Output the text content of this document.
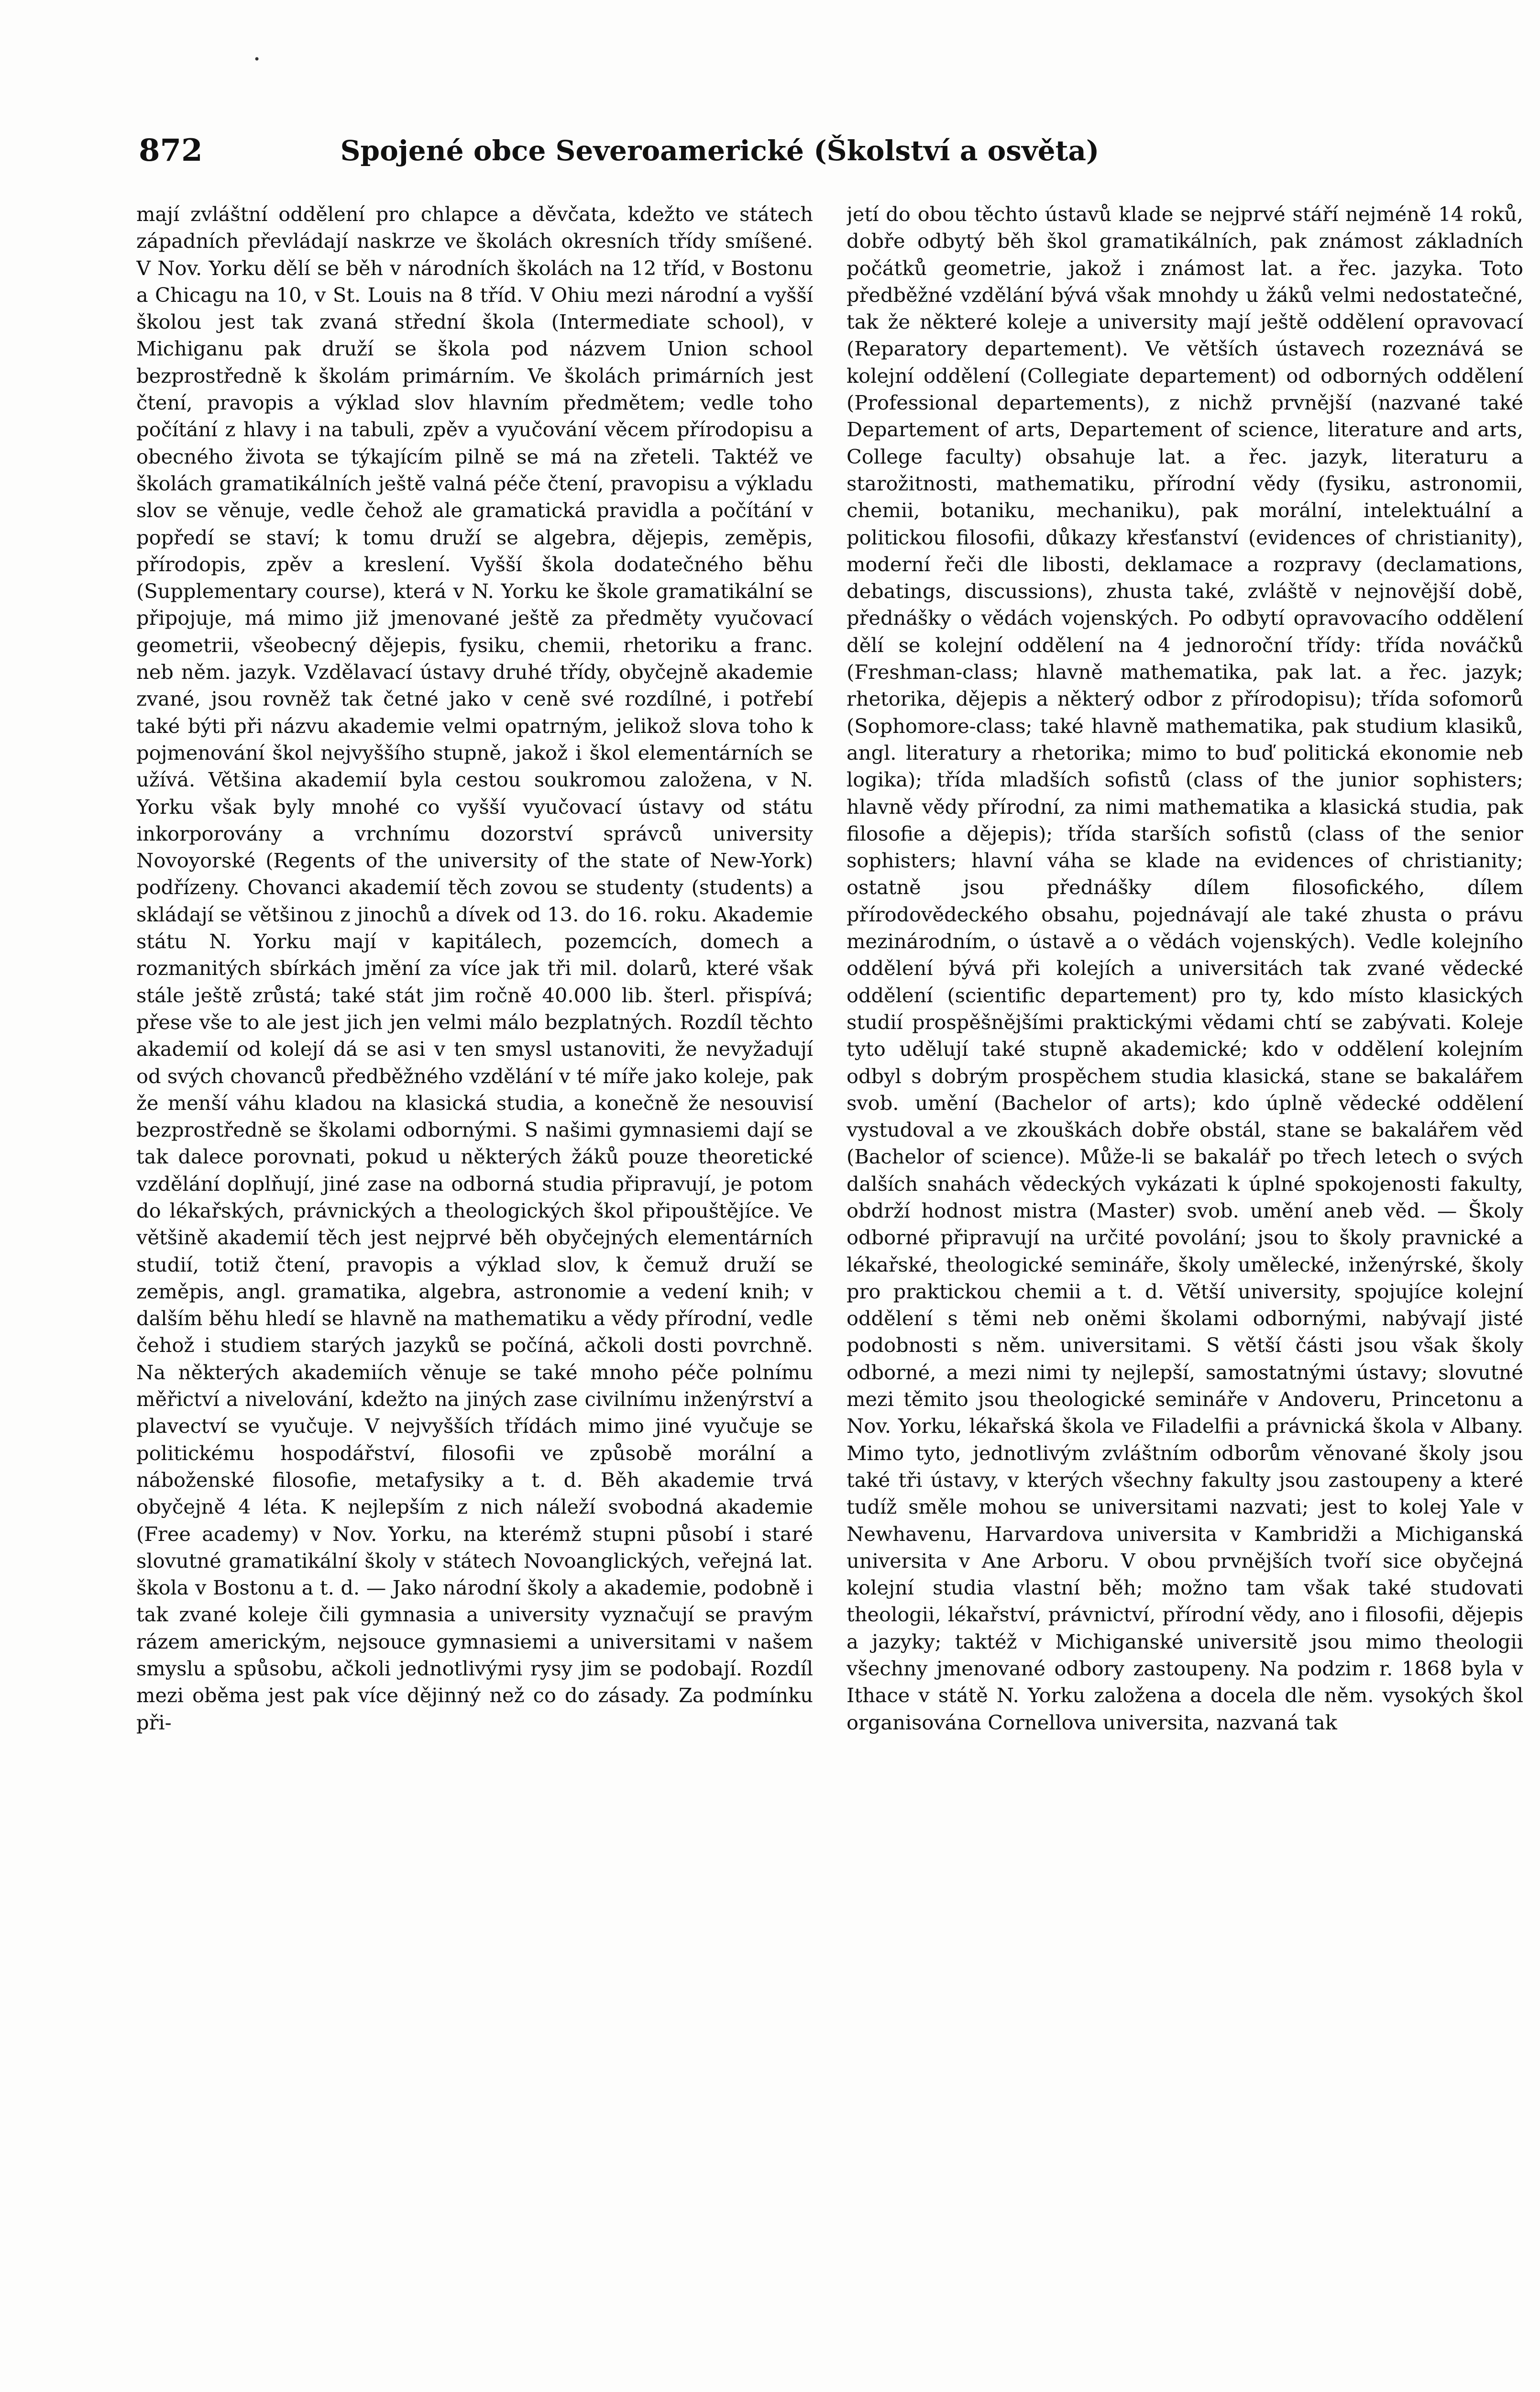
•
872	Spojené obce Severoamerické (Školství a osvěta)

mají zvláštní oddělení pro chlapce a děvčata, kdežto ve státech západních převládají naskrze ve školách okresních třídy smíšené. V Nov. Yorku dělí se běh v národních školách na 12 tříd, v Bostonu a Chicagu na 10, v St. Louis na 8 tříd. V Ohiu mezi národní a vyšší školou jest tak zvaná střední škola (Intermediate school), v Michiganu pak druží se škola pod názvem Union school bezprostředně k školám primárním. Ve školách primárních jest čtení, pravopis a výklad slov hlavním předmětem; vedle toho počítání z hlavy i na tabuli, zpěv a vyučování věcem přírodopisu a obecného života se týkajícím pilně se má na zřeteli. Taktéž ve školách gramatikálních ještě valná péče čtení, pravopisu a výkladu slov se věnuje, vedle čehož ale gramatická pravidla a počítání v popředí se staví; k tomu druží se algebra, dějepis, zeměpis, přírodopis, zpěv a kreslení. Vyšší škola dodatečného běhu (Supplementary course), která v N. Yorku ke škole gramatikální se připojuje, má mimo již jmenované ještě za předměty vyučovací geometrii, všeobecný dějepis, fysiku, chemii, rhetoriku a franc. neb něm. jazyk. Vzdělavací ústavy druhé třídy, obyčejně akademie zvané, jsou rovněž tak četné jako v ceně své rozdílné, i potřebí také býti při názvu akademie velmi opatrným, jelikož slova toho k pojmenování škol nejvyššího stupně, jakož i škol elementárních se užívá. Většina akademií byla cestou soukromou založena, v N. Yorku však byly mnohé co vyšší vyučovací ústavy od státu inkorporovány a vrchnímu dozorství správců university Novoyorské (Regents of the university of the state of New-York) podřízeny. Chovanci akademií těch zovou se studenty (students) a skládají se většinou z jinochů a dívek od 13. do 16. roku. Akademie státu N. Yorku mají v kapitálech, pozemcích, domech a rozmanitých sbírkách jmění za více jak tři mil. dolarů, které však stále ještě zrůstá; také stát jim ročně 40.000 lib. šterl. přispívá; přese vše to ale jest jich jen velmi málo bezplatných. Rozdíl těchto akademií od kolejí dá se asi v ten smysl ustanoviti, že nevyžadují od svých chovanců předběžného vzdělání v té míře jako koleje, pak že menší váhu kladou na klasická studia, a konečně že nesouvisí bezprostředně se školami odbornými. S našimi gymnasiemi dají se tak dalece porovnati, pokud u některých žáků pouze theoretické vzdělání doplňují, jiné zase na odborná studia připravují, je potom do lékařských, právnických a theologických škol připouštějíce. Ve většině akademií těch jest nejprvé běh obyčejných elementárních studií, totiž čtení, pravopis a výklad slov, k čemuž druží se zeměpis, angl. gramatika, algebra, astronomie a vedení knih; v dalším běhu hledí se hlavně na mathematiku a vědy přírodní, vedle čehož i studiem starých jazyků se počíná, ačkoli dosti povrchně. Na některých akademiích věnuje se také mnoho péče polnímu měřictví a nivelování, kdežto na jiných zase civilnímu inženýrství a plavectví se vyučuje. V nejvyšších třídách mimo jiné vyučuje se politickému hospodářství, filosofii ve způsobě morální a náboženské filosofie, metafysiky a t. d. Běh akademie trvá obyčejně 4 léta. K nejlepším z nich náleží svobodná akademie (Free academy) v Nov. Yorku, na kterémž stupni působí i staré slovutné gramatikální školy v státech Novoanglických, veřejná lat. škola v Bostonu a t. d. — Jako národní školy a akademie, podobně i tak zvané koleje čili gymnasia a university vyznačují se pravým rázem americkým, nejsouce gymnasiemi a universitami v našem smyslu a spůsobu, ačkoli jednotlivými rysy jim se podobají. Rozdíl mezi oběma jest pak více dějinný než co do zásady. Za podmínku při-

jetí do obou těchto ústavů klade se nejprvé stáří nejméně 14 roků, dobře odbytý běh škol gramatikálních, pak známost základních počátků geometrie, jakož i známost lat. a řec. jazyka. Toto předběžné vzdělání bývá však mnohdy u žáků velmi nedostatečné, tak že některé koleje a university mají ještě oddělení opravovací (Reparatory departement). Ve větších ústavech rozeznává se kolejní oddělení (Collegiate departement) od odborných oddělení (Professional departements), z nichž prvnější (nazvané také Departement of arts, Departement of science, literature and arts, College faculty) obsahuje lat. a řec. jazyk, literaturu a starožitnosti, mathematiku, přírodní vědy (fysiku, astronomii, chemii, botaniku, mechaniku), pak morální, intelektuální a politickou filosofii, důkazy křesťanství (evidences of christianity), moderní řeči dle libosti, deklamace a rozpravy (declamations, debatings, discussions), zhusta také, zvláště v nejnovější době, přednášky o vědách vojenských. Po odbytí opravovacího oddělení dělí se kolejní oddělení na 4 jednoroční třídy: třída nováčků (Freshman-class; hlavně mathematika, pak lat. a řec. jazyk; rhetorika, dějepis a některý odbor z přírodopisu); třída sofomorů (Sophomore-class; také hlavně mathematika, pak studium klasiků, angl. literatury a rhetorika; mimo to buď politická ekonomie neb logika); třída mladších sofistů (class of the junior sophisters; hlavně vědy přírodní, za nimi mathematika a klasická studia, pak filosofie a dějepis); třída starších sofistů (class of the senior sophisters; hlavní váha se klade na evidences of christianity; ostatně jsou přednášky dílem filosofického, dílem přírodovědeckého obsahu, pojednávají ale také zhusta o právu mezinárodním, o ústavě a o vědách vojenských). Vedle kolejního oddělení bývá při kolejích a universitách tak zvané vědecké oddělení (scientific departement) pro ty, kdo místo klasických studií prospěšnějšími praktickými vědami chtí se zabývati. Koleje tyto udělují také stupně akademické; kdo v oddělení kolejním odbyl s dobrým prospěchem studia klasická, stane se bakalářem svob. umění (Bachelor of arts); kdo úplně vědecké oddělení vystudoval a ve zkouškách dobře obstál, stane se bakalářem věd (Bachelor of science). Může-li se bakalář po třech letech o svých dalších snahách vědeckých vykázati k úplné spokojenosti fakulty, obdrží hodnost mistra (Master) svob. umění aneb věd. — Školy odborné připravují na určité povolání; jsou to školy pravnické a lékařské, theologické semináře, školy umělecké, inženýrské, školy pro praktickou chemii a t. d. Větší university, spojujíce kolejní oddělení s těmi neb oněmi školami odbornými, nabývají jisté podobnosti s něm. universitami. S větší části jsou však školy odborné, a mezi nimi ty nejlepší, samostatnými ústavy; slovutné mezi těmito jsou theologické semináře v Andoveru, Princetonu a Nov. Yorku, lékařská škola ve Filadelfii a právnická škola v Albany. Mimo tyto, jednotlivým zvláštním odborům věnované školy jsou také tři ústavy, v kterých všechny fakulty jsou zastoupeny a které tudíž směle mohou se universitami nazvati; jest to kolej Yale v Newhavenu, Harvardova universita v Kambridži a Michiganská universita v Ane Arboru. V obou prvnějších tvoří sice obyčejná kolejní studia vlastní běh; možno tam však také studovati theologii, lékařství, právnictví, přírodní vědy, ano i filosofii, dějepis a jazyky; taktéž v Michiganské universitě jsou mimo theologii všechny jmenované odbory zastoupeny. Na podzim r. 1868 byla v Ithace v státě N. Yorku založena a docela dle něm. vysokých škol organisována Cornellova universita, nazvaná tak
